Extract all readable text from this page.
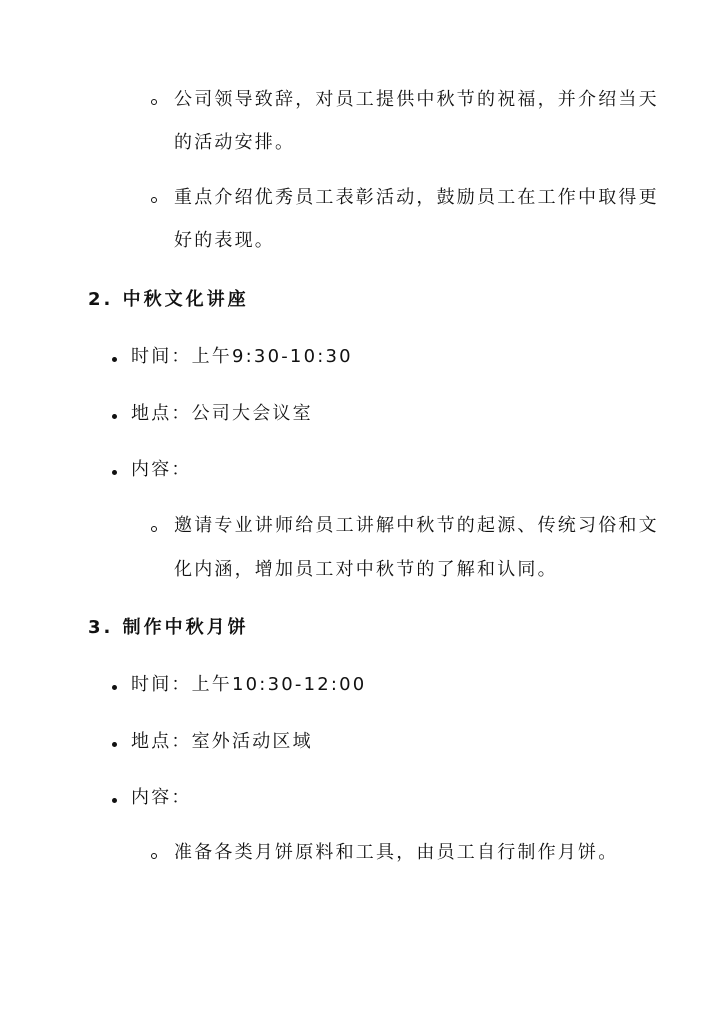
公司领导致辞，对员工提供中秋节的祝福，并介绍当天
的活动安排。
重点介绍优秀员工表彰活动，鼓励员工在工作中取得更
好的表现。
2. 中秋文化讲座
时间：上午9:30-10:30
地点：公司大会议室
内容：
邀请专业讲师给员工讲解中秋节的起源、传统习俗和文
化内涵，增加员工对中秋节的了解和认同。
3. 制作中秋月饼
时间：上午10:30-12:00
地点：室外活动区域
内容：
准备各类月饼原料和工具，由员工自行制作月饼。
